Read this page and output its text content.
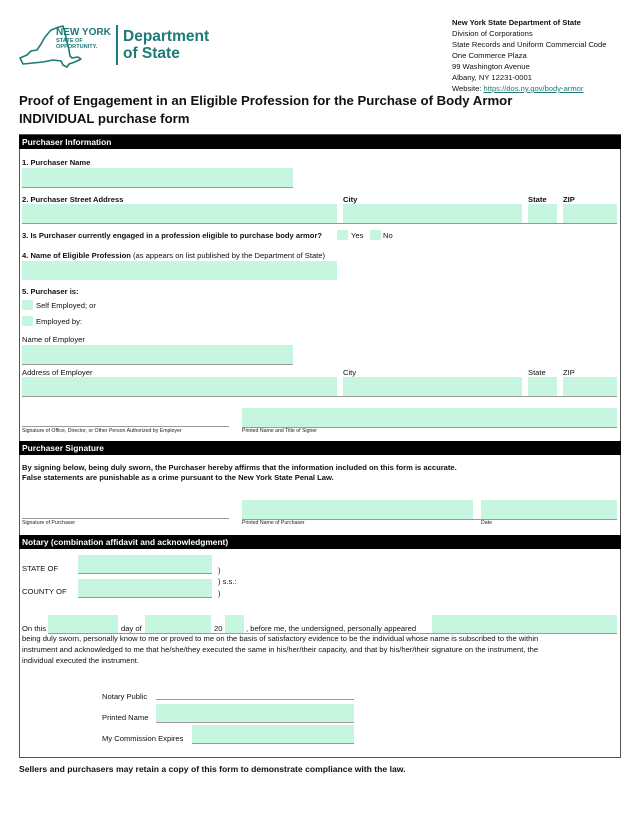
NEW YORK
STATE OF
OPPORTUNITY.
Department
of State
New York State Department of State
Division of Corporations
State Records and Uniform Commercial Code
One Commerce Plaza
99 Washington Avenue
Albany, NY 12231-0001
Website: https://dos.ny.gov/body-armor
Proof of Engagement in an Eligible Profession for the Purchase of Body Armor
INDIVIDUAL purchase form
Purchaser Information
1. Purchaser Name
2. Purchaser Street Address	City	State ZIP
3. Is Purchaser currently engaged in a profession eligible to purchase body armor?	Yes	No
4. Name of Eligible Profession (as appears on list published by the Department of State)
5. Purchaser is:
Self Employed; or
Employed by:
Name of Employer
Address of Employer	City	State ZIP
Signature of Office, Director, or Other Person Authorized by Employer	Printed Name and Title of Signer
Purchaser Signature
By signing below, being duly sworn, the Purchaser hereby affirms that the information included on this form is accurate.
False statements are punishable as a crime pursuant to the New York State Penal Law.
Signature of Purchaser	Printed Name of Purchaser	Date
Notary (combination affidavit and acknowledgment)
STATE OF	)
) s.s.:
COUNTY OF	)
On this	day of	20	, before me, the undersigned, personally appeared
being duly sworn, personally know to me or proved to me on the basis of satisfactory evidence to be the individual whose name is subscribed to the within
instrument and acknowledged to me that he/she/they executed the same in his/her/their capacity, and that by his/her/their signature on the instrument, the
individual executed the instrument.
Notary Public
Printed Name
My Commission Expires
Sellers and purchasers may retain a copy of this form to demonstrate compliance with the law.
